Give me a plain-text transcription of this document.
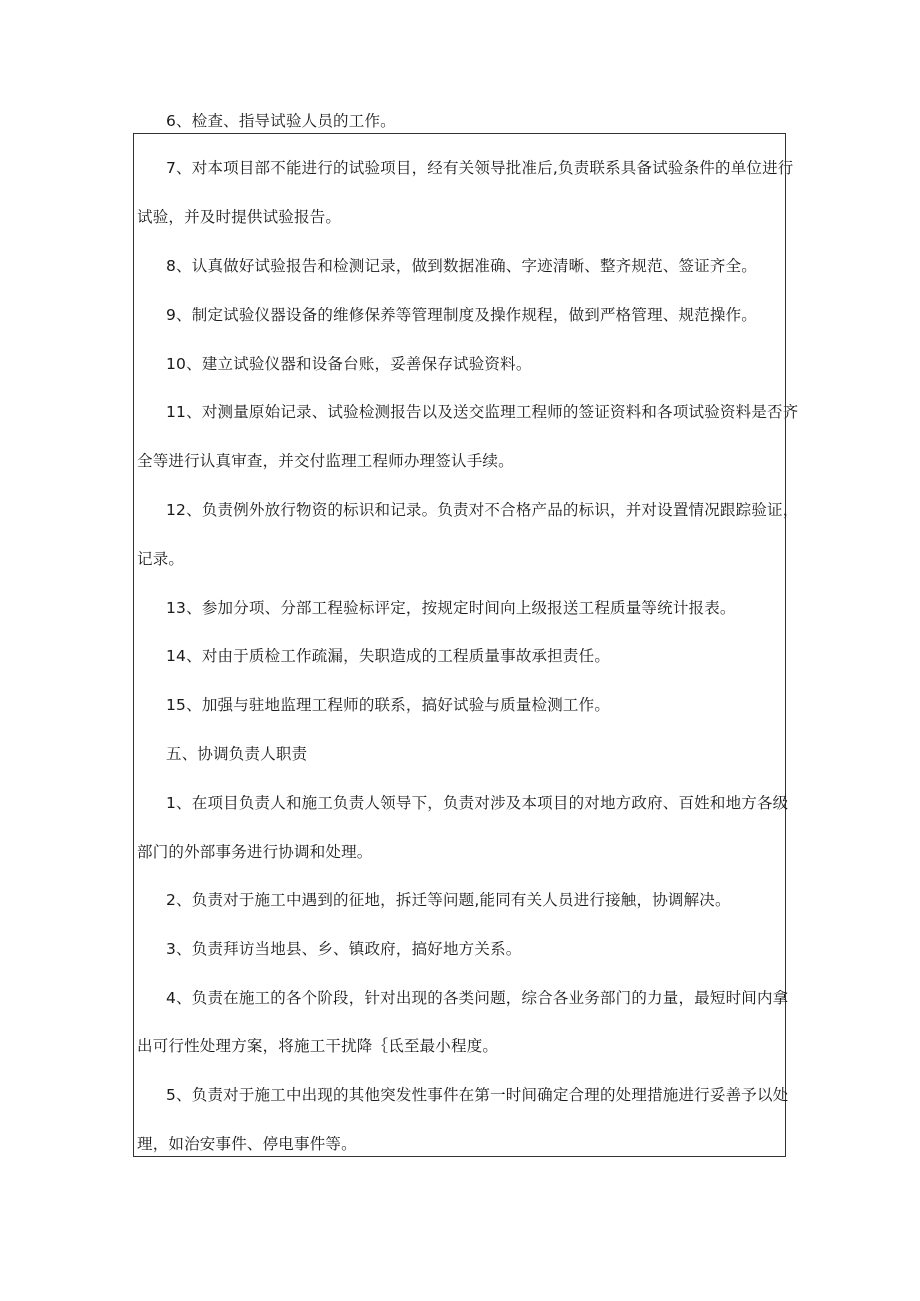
6、检查、指导试验人员的工作。
7、对本项目部不能进行的试验项目，经有关领导批准后,负责联系具备试验条件的单位进行
试验，并及时提供试验报告。
8、认真做好试验报告和检测记录，做到数据准确、字迹清晰、整齐规范、签证齐全。
9、制定试验仪器设备的维修保养等管理制度及操作规程，做到严格管理、规范操作。
10、建立试验仪器和设备台账，妥善保存试验资料。
11、对测量原始记录、试验检测报告以及送交监理工程师的签证资料和各项试验资料是否齐
全等进行认真审查，并交付监理工程师办理签认手续。
12、负责例外放行物资的标识和记录。负责对不合格产品的标识，并对设置情况跟踪验证，
记录。
13、参加分项、分部工程验标评定，按规定时间向上级报送工程质量等统计报表。
14、对由于质检工作疏漏，失职造成的工程质量事故承担责任。
15、加强与驻地监理工程师的联系，搞好试验与质量检测工作。
五、协调负责人职责
1、在项目负责人和施工负责人领导下，负责对涉及本项目的对地方政府、百姓和地方各级
部门的外部事务进行协调和处理。
2、负责对于施工中遇到的征地，拆迁等问题,能同有关人员进行接触，协调解决。
3、负责拜访当地县、乡、镇政府，搞好地方关系。
4、负责在施工的各个阶段，针对出现的各类问题，综合各业务部门的力量，最短时间内拿
出可行性处理方案，将施工干扰降｛氐至最小程度。
5、负责对于施工中出现的其他突发性事件在第一时间确定合理的处理措施进行妥善予以处
理，如治安事件、停电事件等。
